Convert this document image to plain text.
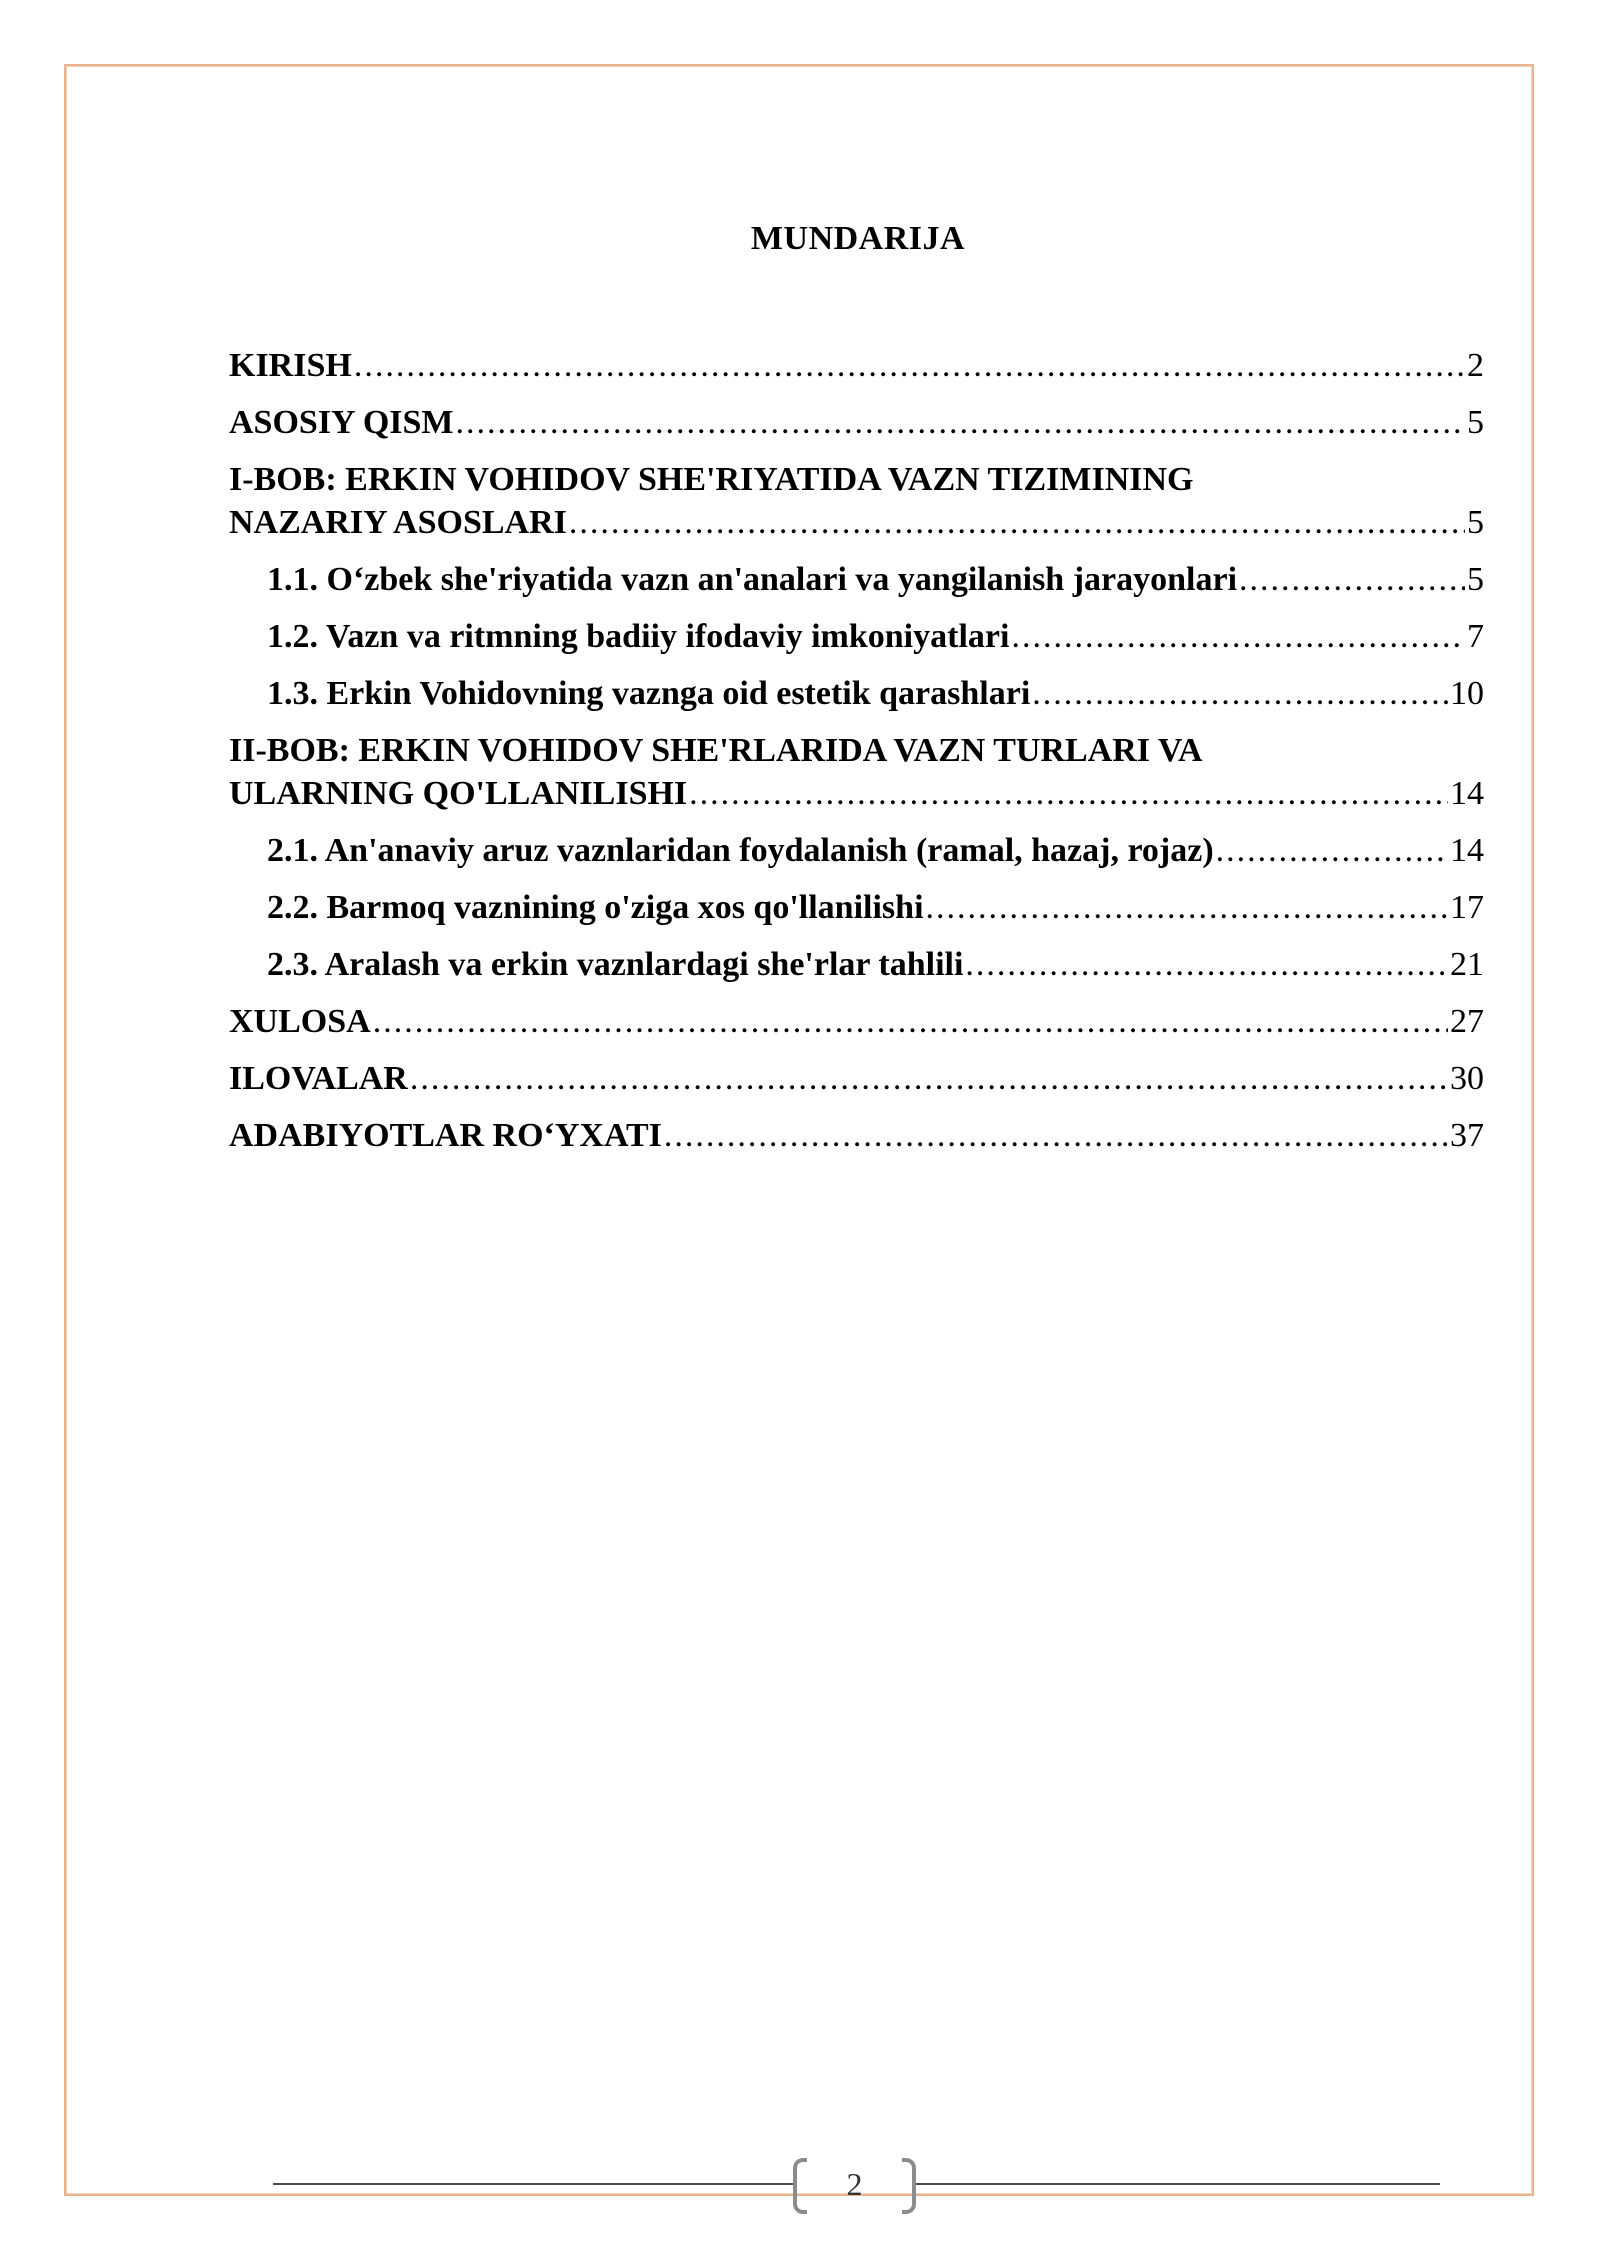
MUNDARIJA
KIRISH .....	2
ASOSIY QISM .....	5
I-BOB: ERKIN VOHIDOV SHE'RIYATIDA VAZN TIZIMINING
NAZARIY ASOSLARI .....	5
1.1. O‘zbek she'riyatida vazn an'analari va yangilanish jarayonlari .....	5
1.2. Vazn va ritmning badiiy ifodaviy imkoniyatlari .....	7
1.3. Erkin Vohidovning vaznga oid estetik qarashlari .....	10
II-BOB: ERKIN VOHIDOV SHE'RLARIDA VAZN TURLARI VA
ULARNING QO'LLANILISHI .....	14
2.1. An'anaviy aruz vaznlaridan foydalanish (ramal, hazaj, rojaz) .....	14
2.2. Barmoq vaznining o'ziga xos qo'llanilishi .....	17
2.3. Aralash va erkin vaznlardagi she'rlar tahlili .....	21
XULOSA .....	27
ILOVALAR .....	30
ADABIYOTLAR RO‘YXATI .....	37
2
